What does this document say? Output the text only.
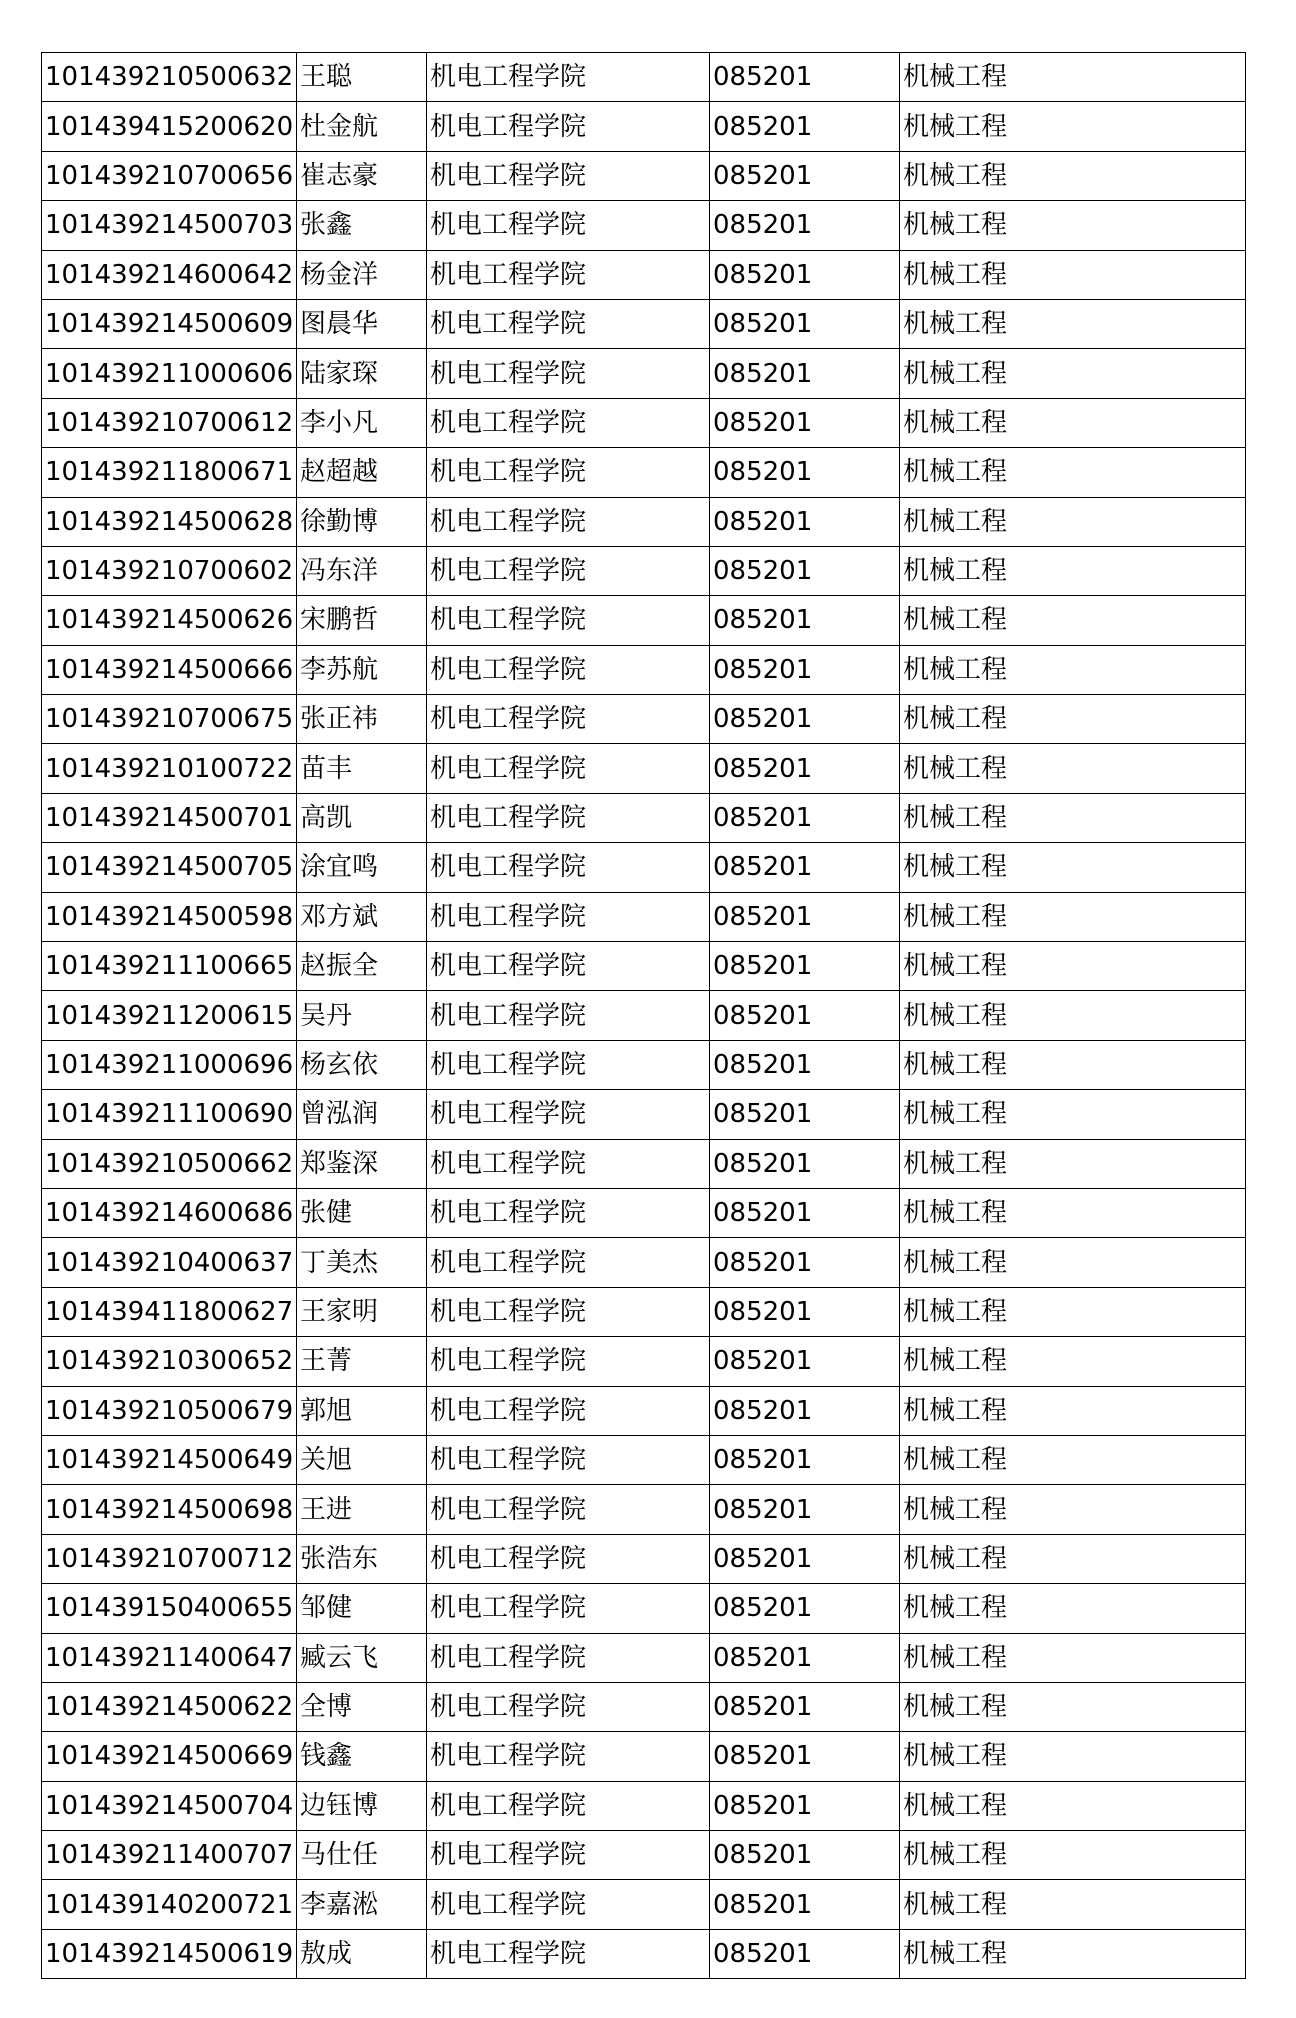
101439210500632	王聪	机电工程学院	085201	机械工程
101439415200620	杜金航	机电工程学院	085201	机械工程
101439210700656	崔志豪	机电工程学院	085201	机械工程
101439214500703	张鑫	机电工程学院	085201	机械工程
101439214600642	杨金洋	机电工程学院	085201	机械工程
101439214500609	图晨华	机电工程学院	085201	机械工程
101439211000606	陆家琛	机电工程学院	085201	机械工程
101439210700612	李小凡	机电工程学院	085201	机械工程
101439211800671	赵超越	机电工程学院	085201	机械工程
101439214500628	徐勤博	机电工程学院	085201	机械工程
101439210700602	冯东洋	机电工程学院	085201	机械工程
101439214500626	宋鹏哲	机电工程学院	085201	机械工程
101439214500666	李苏航	机电工程学院	085201	机械工程
101439210700675	张正祎	机电工程学院	085201	机械工程
101439210100722	苗丰	机电工程学院	085201	机械工程
101439214500701	高凯	机电工程学院	085201	机械工程
101439214500705	涂宜鸣	机电工程学院	085201	机械工程
101439214500598	邓方斌	机电工程学院	085201	机械工程
101439211100665	赵振全	机电工程学院	085201	机械工程
101439211200615	吴丹	机电工程学院	085201	机械工程
101439211000696	杨玄依	机电工程学院	085201	机械工程
101439211100690	曾泓润	机电工程学院	085201	机械工程
101439210500662	郑鉴深	机电工程学院	085201	机械工程
101439214600686	张健	机电工程学院	085201	机械工程
101439210400637	丁美杰	机电工程学院	085201	机械工程
101439411800627	王家明	机电工程学院	085201	机械工程
101439210300652	王菁	机电工程学院	085201	机械工程
101439210500679	郭旭	机电工程学院	085201	机械工程
101439214500649	关旭	机电工程学院	085201	机械工程
101439214500698	王进	机电工程学院	085201	机械工程
101439210700712	张浩东	机电工程学院	085201	机械工程
101439150400655	邹健	机电工程学院	085201	机械工程
101439211400647	臧云飞	机电工程学院	085201	机械工程
101439214500622	全博	机电工程学院	085201	机械工程
101439214500669	钱鑫	机电工程学院	085201	机械工程
101439214500704	边钰博	机电工程学院	085201	机械工程
101439211400707	马仕任	机电工程学院	085201	机械工程
101439140200721	李嘉淞	机电工程学院	085201	机械工程
101439214500619	敖成	机电工程学院	085201	机械工程
